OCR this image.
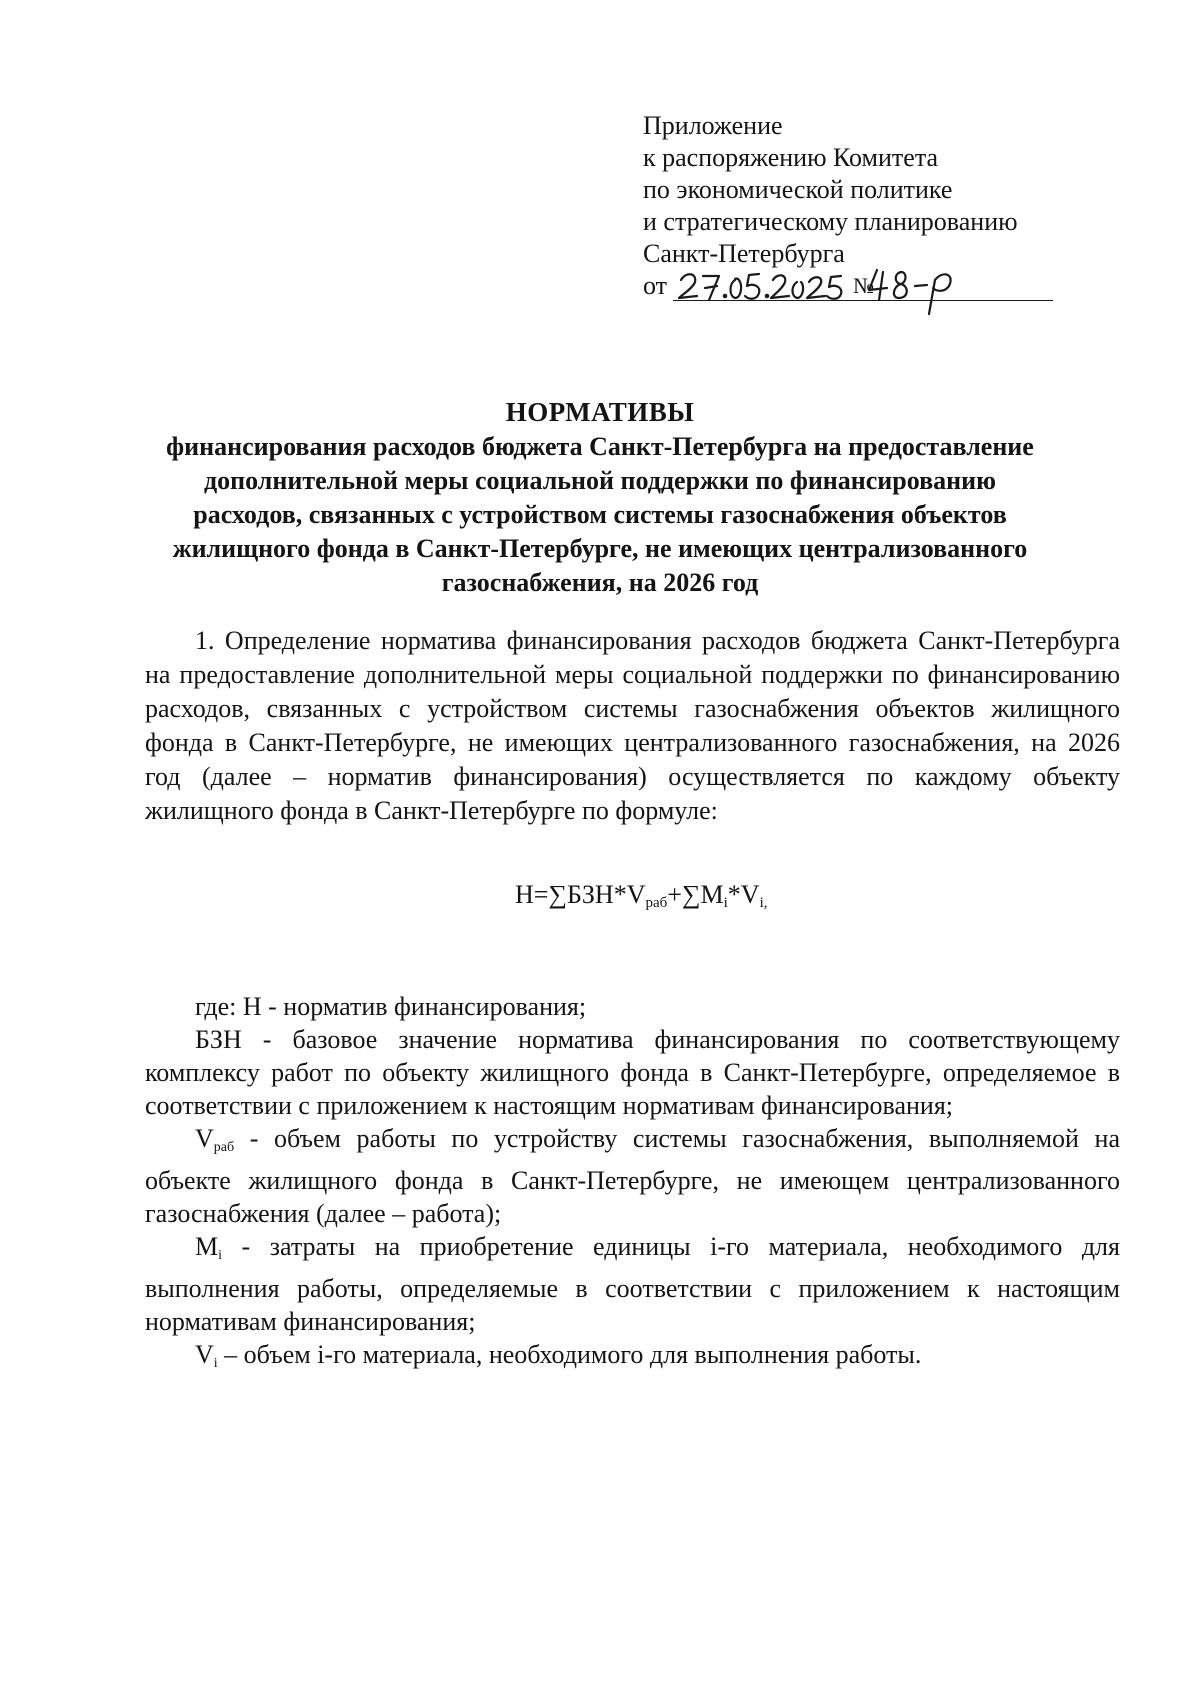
Приложение
к распоряжению Комитета
по экономической политике
и стратегическому планированию
Санкт-Петербурга
от	№
НОРМАТИВЫ
финансирования расходов бюджета Санкт-Петербурга на предоставление
дополнительной меры социальной поддержки по финансированию
расходов, связанных с устройством системы газоснабжения объектов
жилищного фонда в Санкт-Петербурге, не имеющих централизованного
газоснабжения, на 2026 год

1. Определение норматива финансирования расходов бюджета Санкт-Петербурга на предоставление дополнительной меры социальной поддержки по финансированию расходов, связанных с устройством системы газоснабжения объектов жилищного фонда в Санкт-Петербурге, не имеющих централизованного газоснабжения, на 2026 год (далее – норматив финансирования) осуществляется по каждому объекту жилищного фонда в Санкт-Петербурге по формуле:

$Н=\sum БЗН*V_{раб}+\sum M_i*V_{i,}$

где: Н - норматив финансирования;

БЗН - базовое значение норматива финансирования по соответствующему комплексу работ по объекту жилищного фонда в Санкт-Петербурге, определяемое в соответствии с приложением к настоящим нормативам финансирования;

$V_{раб}$ - объем работы по устройству системы газоснабжения, выполняемой на объекте жилищного фонда в Санкт-Петербурге, не имеющем централизованного газоснабжения (далее – работа);

$M_i$ - затраты на приобретение единицы i-го материала, необходимого для выполнения работы, определяемые в соответствии с приложением к настоящим нормативам финансирования;

$V_i$ – объем i-го материала, необходимого для выполнения работы.
